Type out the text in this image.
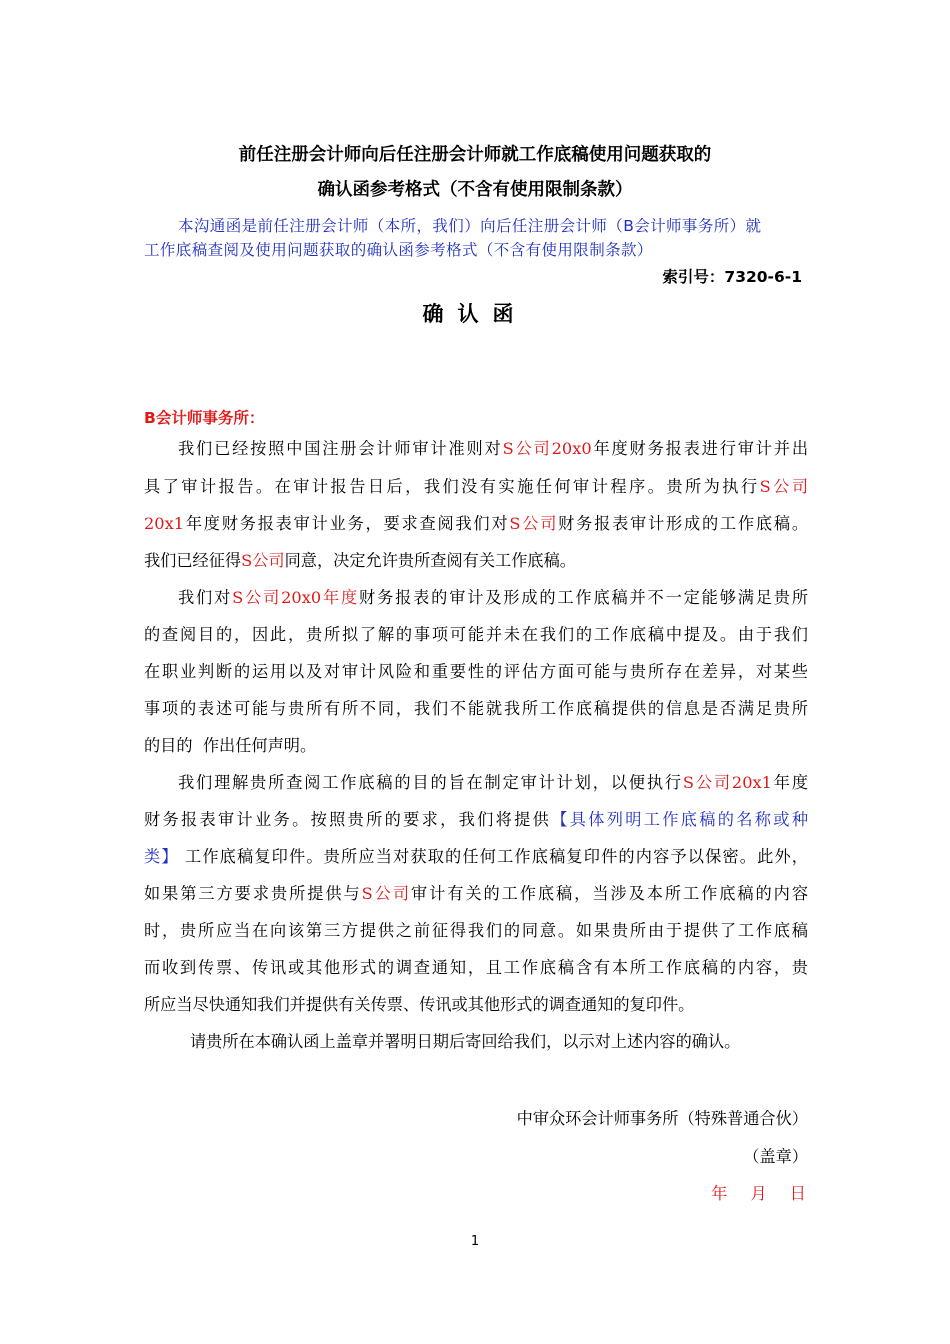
前任注册会计师向后任注册会计师就工作底稿使用问题获取的
确认函参考格式（不含有使用限制条款）
本沟通函是前任注册会计师（本所，我们）向后任注册会计师（B会计师事务所）就
工作底稿查阅及使用问题获取的确认函参考格式（不含有使用限制条款）
索引号：7320-6-1
确认函
B会计师事务所：
我们已经按照中国注册会计师审计准则对S公司20x0年度财务报表进行审计并出
具了审计报告。在审计报告日后，我们没有实施任何审计程序。贵所为执行S公司
20x1年度财务报表审计业务，要求查阅我们对S公司财务报表审计形成的工作底稿。
我们已经征得S公司同意，决定允许贵所查阅有关工作底稿。
我们对S公司20x0年度财务报表的审计及形成的工作底稿并不一定能够满足贵所
的查阅目的，因此，贵所拟了解的事项可能并未在我们的工作底稿中提及。由于我们
在职业判断的运用以及对审计风险和重要性的评估方面可能与贵所存在差异，对某些
事项的表述可能与贵所有所不同，我们不能就我所工作底稿提供的信息是否满足贵所
的目的  作出任何声明。
我们理解贵所查阅工作底稿的目的旨在制定审计计划，以便执行S公司20x1年度
财务报表审计业务。按照贵所的要求，我们将提供【具体列明工作底稿的名称或种
类】 工作底稿复印件。贵所应当对获取的任何工作底稿复印件的内容予以保密。此外，
如果第三方要求贵所提供与S公司审计有关的工作底稿，当涉及本所工作底稿的内容
时，贵所应当在向该第三方提供之前征得我们的同意。如果贵所由于提供了工作底稿
而收到传票、传讯或其他形式的调查通知，且工作底稿含有本所工作底稿的内容，贵
所应当尽快通知我们并提供有关传票、传讯或其他形式的调查通知的复印件。
请贵所在本确认函上盖章并署明日期后寄回给我们，以示对上述内容的确认。
中审众环会计师事务所（特殊普通合伙）
（盖章）
年 月 日
1
